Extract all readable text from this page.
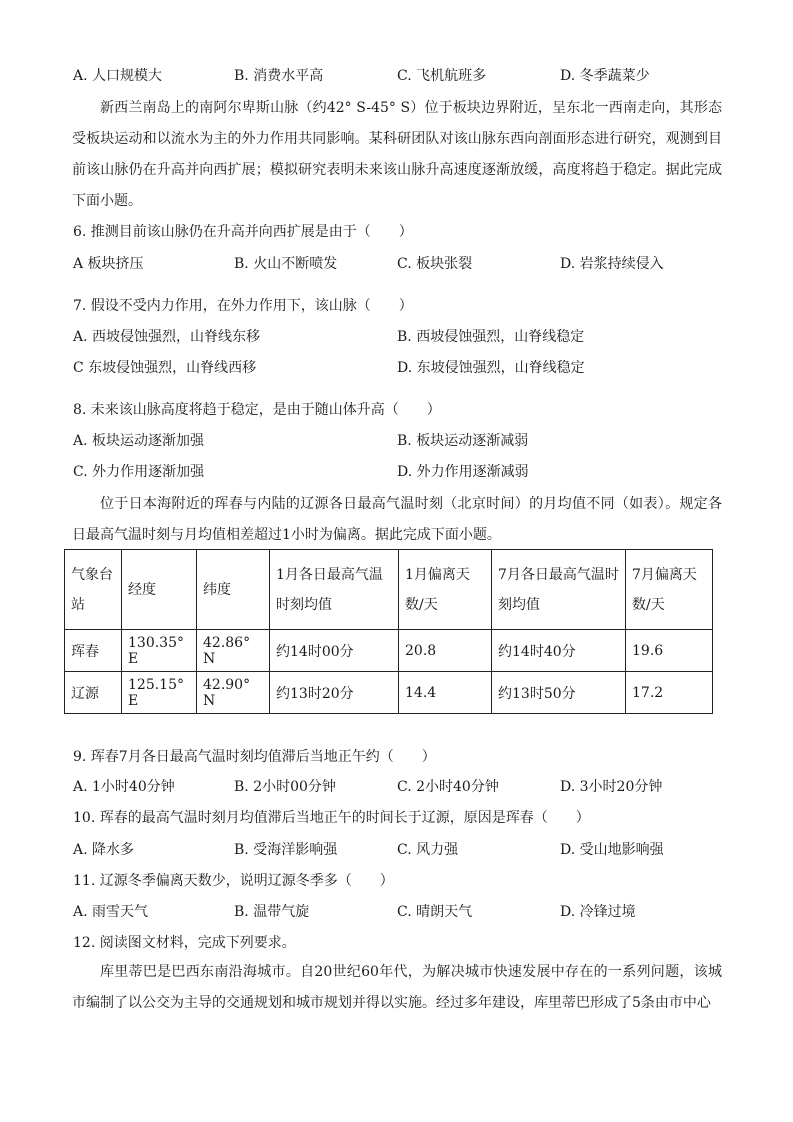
A. 人口规模大	B. 消费水平高	C. 飞机航班多	D. 冬季蔬菜少
新西兰南岛上的南阿尔卑斯山脉（约42° S-45° S）位于板块边界附近，呈东北一西南走向，其形态受板块运动和以流水为主的外力作用共同影响。某科研团队对该山脉东西向剖面形态进行研究，观测到目前该山脉仍在升高并向西扩展；模拟研究表明未来该山脉升高速度逐渐放缓，高度将趋于稳定。据此完成下面小题。
6. 推测目前该山脉仍在升高并向西扩展是由于（　　）
A 板块挤压	B. 火山不断喷发	C. 板块张裂	D. 岩浆持续侵入
7. 假设不受内力作用，在外力作用下，该山脉（　　）
A. 西坡侵蚀强烈，山脊线东移	B. 西坡侵蚀强烈，山脊线稳定
C 东坡侵蚀强烈，山脊线西移	D. 东坡侵蚀强烈，山脊线稳定
8. 未来该山脉高度将趋于稳定，是由于随山体升高（　　）
A. 板块运动逐渐加强	B. 板块运动逐渐减弱
C. 外力作用逐渐加强	D. 外力作用逐渐减弱
位于日本海附近的珲春与内陆的辽源各日最高气温时刻（北京时间）的月均值不同（如表）。规定各日最高气温时刻与月均值相差超过1小时为偏离。据此完成下面小题。
气象台站	经度	纬度	1月各日最高气温时刻均值	1月偏离天数/天	7月各日最高气温时刻均值	7月偏离天数/天
珲春	130.35° E	42.86° N	约14时00分	20.8	约14时40分	19.6
辽源	125.15° E	42.90° N	约13时20分	14.4	约13时50分	17.2
9. 珲春7月各日最高气温时刻均值滞后当地正午约（　　）
A. 1小时40分钟	B. 2小时00分钟	C. 2小时40分钟	D. 3小时20分钟
10. 珲春的最高气温时刻月均值滞后当地正午的时间长于辽源，原因是珲春（　　）
A. 降水多	B. 受海洋影响强	C. 风力强	D. 受山地影响强
11. 辽源冬季偏离天数少，说明辽源冬季多（　　）
A. 雨雪天气	B. 温带气旋	C. 晴朗天气	D. 冷锋过境
12. 阅读图文材料，完成下列要求。
库里蒂巴是巴西东南沿海城市。自20世纪60年代，为解决城市快速发展中存在的一系列问题，该城市编制了以公交为主导的交通规划和城市规划并得以实施。经过多年建设，库里蒂巴形成了5条由市中心
